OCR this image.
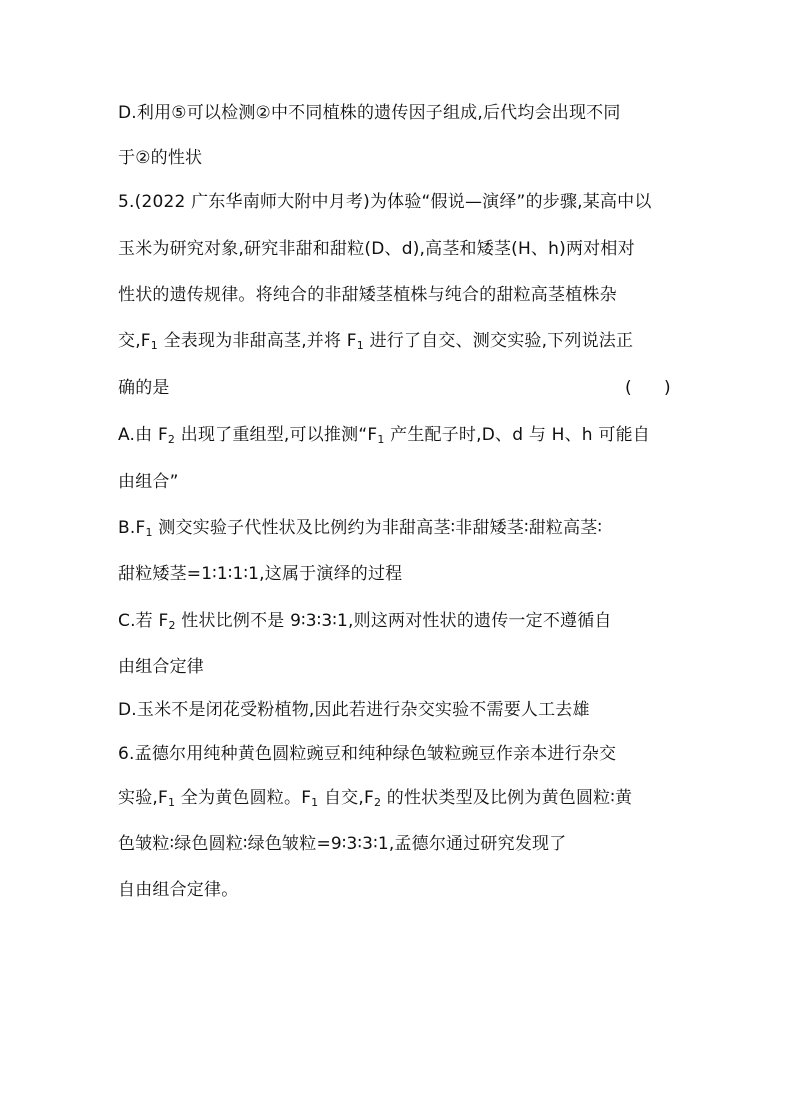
D.利用⑤可以检测②中不同植株的遗传因子组成,后代均会出现不同
于②的性状
5.(2022 广东华南师大附中月考)为体验“假说—演绎”的步骤,某高中以
玉米为研究对象,研究非甜和甜粒(D、d),高茎和矮茎(H、h)两对相对
性状的遗传规律。将纯合的非甜矮茎植株与纯合的甜粒高茎植株杂
交$,F_1$ 全表现为非甜高茎,并将 $F_1$ 进行了自交、测交实验,下列说法正
确的是	(      )
A.由 $F_2$ 出现了重组型,可以推测“$F_1$ 产生配子时,D、d 与 H、h 可能自
由组合”
$B.F_1$ 测交实验子代性状及比例约为非甜高茎∶非甜矮茎∶甜粒高茎∶
甜粒矮茎=1∶1∶1∶1,这属于演绎的过程
C.若 $F_2$ 性状比例不是 9∶3∶3∶1,则这两对性状的遗传一定不遵循自
由组合定律
D.玉米不是闭花受粉植物,因此若进行杂交实验不需要人工去雄
6.孟德尔用纯种黄色圆粒豌豆和纯种绿色皱粒豌豆作亲本进行杂交
实验$,F_1$ 全为黄色圆粒。$F_1$ 自交$,F_2$ 的性状类型及比例为黄色圆粒∶黄
色皱粒∶绿色圆粒∶绿色皱粒=9∶3∶3∶1,孟德尔通过研究发现了
自由组合定律。
